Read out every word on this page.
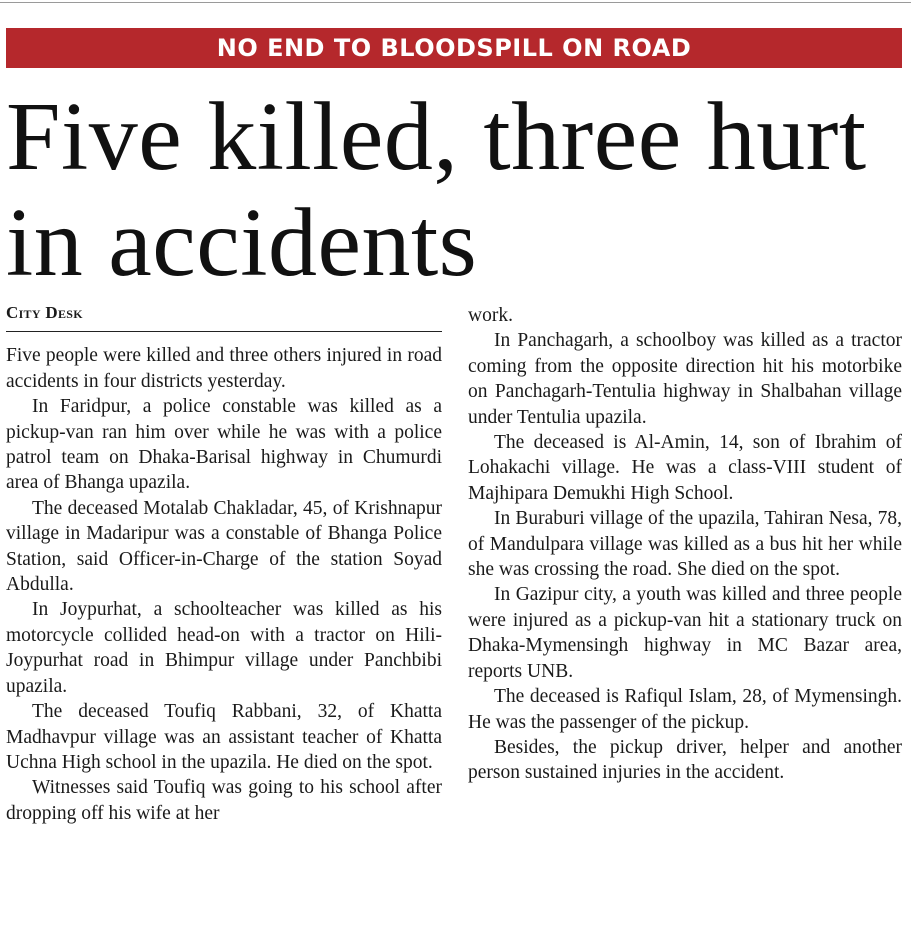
NO END TO BLOODSPILL ON ROAD
Five killed, three hurt in accidents
City Desk

Five people were killed and three others injured in road accidents in four districts yesterday.

In Faridpur, a police constable was killed as a pickup-van ran him over while he was with a police patrol team on Dhaka-Barisal highway in Chumurdi area of Bhanga upazila.

The deceased Motalab Chakladar, 45, of Krishnapur village in Madaripur was a constable of Bhanga Police Station, said Officer-in-Charge of the station Soyad Abdulla.

In Joypurhat, a schoolteacher was killed as his motorcycle collided head-on with a tractor on Hili-Joypurhat road in Bhimpur village under Panchbibi upazila.

The deceased Toufiq Rabbani, 32, of Khatta Madhavpur village was an assistant teacher of Khatta Uchna High school in the upazila. He died on the spot.

Witnesses said Toufiq was going to his school after dropping off his wife at her

work.

In Panchagarh, a schoolboy was killed as a tractor coming from the opposite direction hit his motorbike on Panchagarh-Tentulia highway in Shalbahan village under Tentulia upazila.

The deceased is Al-Amin, 14, son of Ibrahim of Lohakachi village. He was a class-VIII student of Majhipara Demukhi High School.

In Buraburi village of the upazila, Tahiran Nesa, 78, of Mandulpara village was killed as a bus hit her while she was crossing the road. She died on the spot.

In Gazipur city, a youth was killed and three people were injured as a pickup-van hit a stationary truck on Dhaka-Mymensingh highway in MC Bazar area, reports UNB.

The deceased is Rafiqul Islam, 28, of Mymensingh. He was the passenger of the pickup.

Besides, the pickup driver, helper and another person sustained injuries in the accident.
